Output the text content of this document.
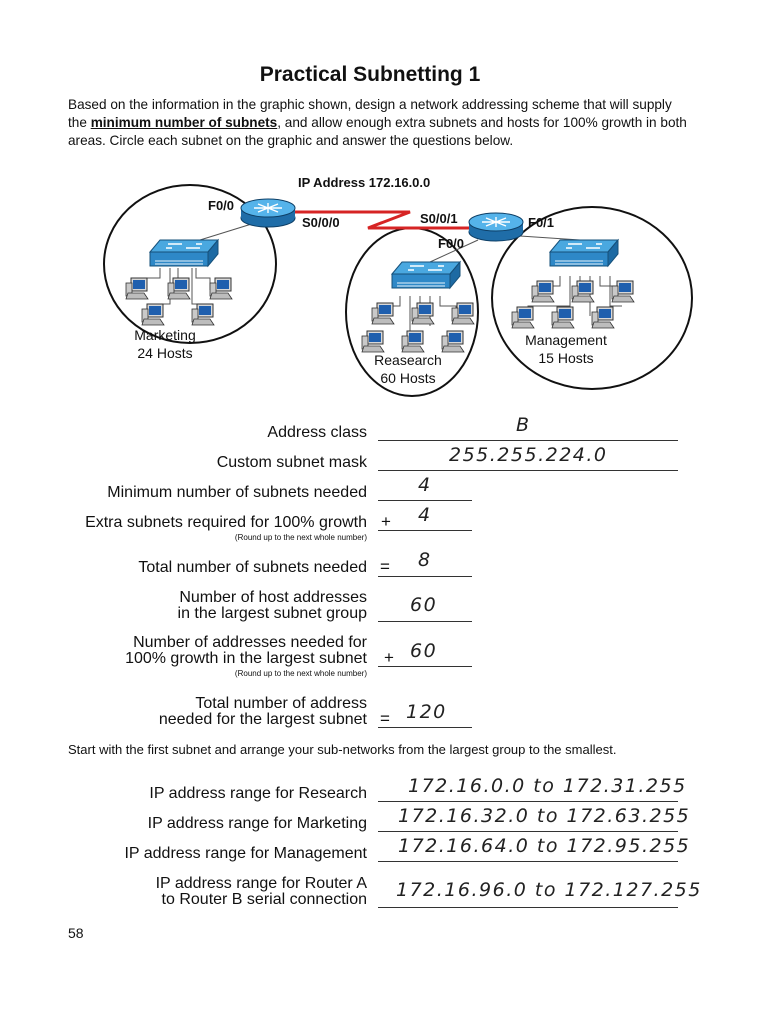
Practical Subnetting 1
Based on the information in the graphic shown, design a network addressing scheme that will supply the minimum number of subnets, and allow enough extra subnets and hosts for 100% growth in both areas. Circle each subnet on the graphic and answer the questions below.
IP Address 172.16.0.0
F0/0
S0/0/0	S0/0/1
F0/0
F0/1
Marketing
24 Hosts	Reasearch
60 Hosts
Management
15 Hosts
Address class	B
Custom subnet mask	255.255.224.0
Minimum number of subnets needed	4
Extra subnets required for 100% growth
(Round up to the next whole number)
+ 4
Total number of subnets needed = 8
Number of host addresses
in the largest subnet group 60
Number of addresses needed for
100% growth in the largest subnet
(Round up to the next whole number)
+ 60
Total number of address
needed for the largest subnet = 120
Start with the first subnet and arrange your sub-networks from the largest group to the smallest.
IP address range for Research 172.16.0.0 to 172.31.255
IP address range for Marketing 172.16.32.0 to 172.63.255
IP address range for Management 172.16.64.0 to 172.95.255
IP address range for Router A
to Router B serial connection 172.16.96.0 to 172.127.255
58
